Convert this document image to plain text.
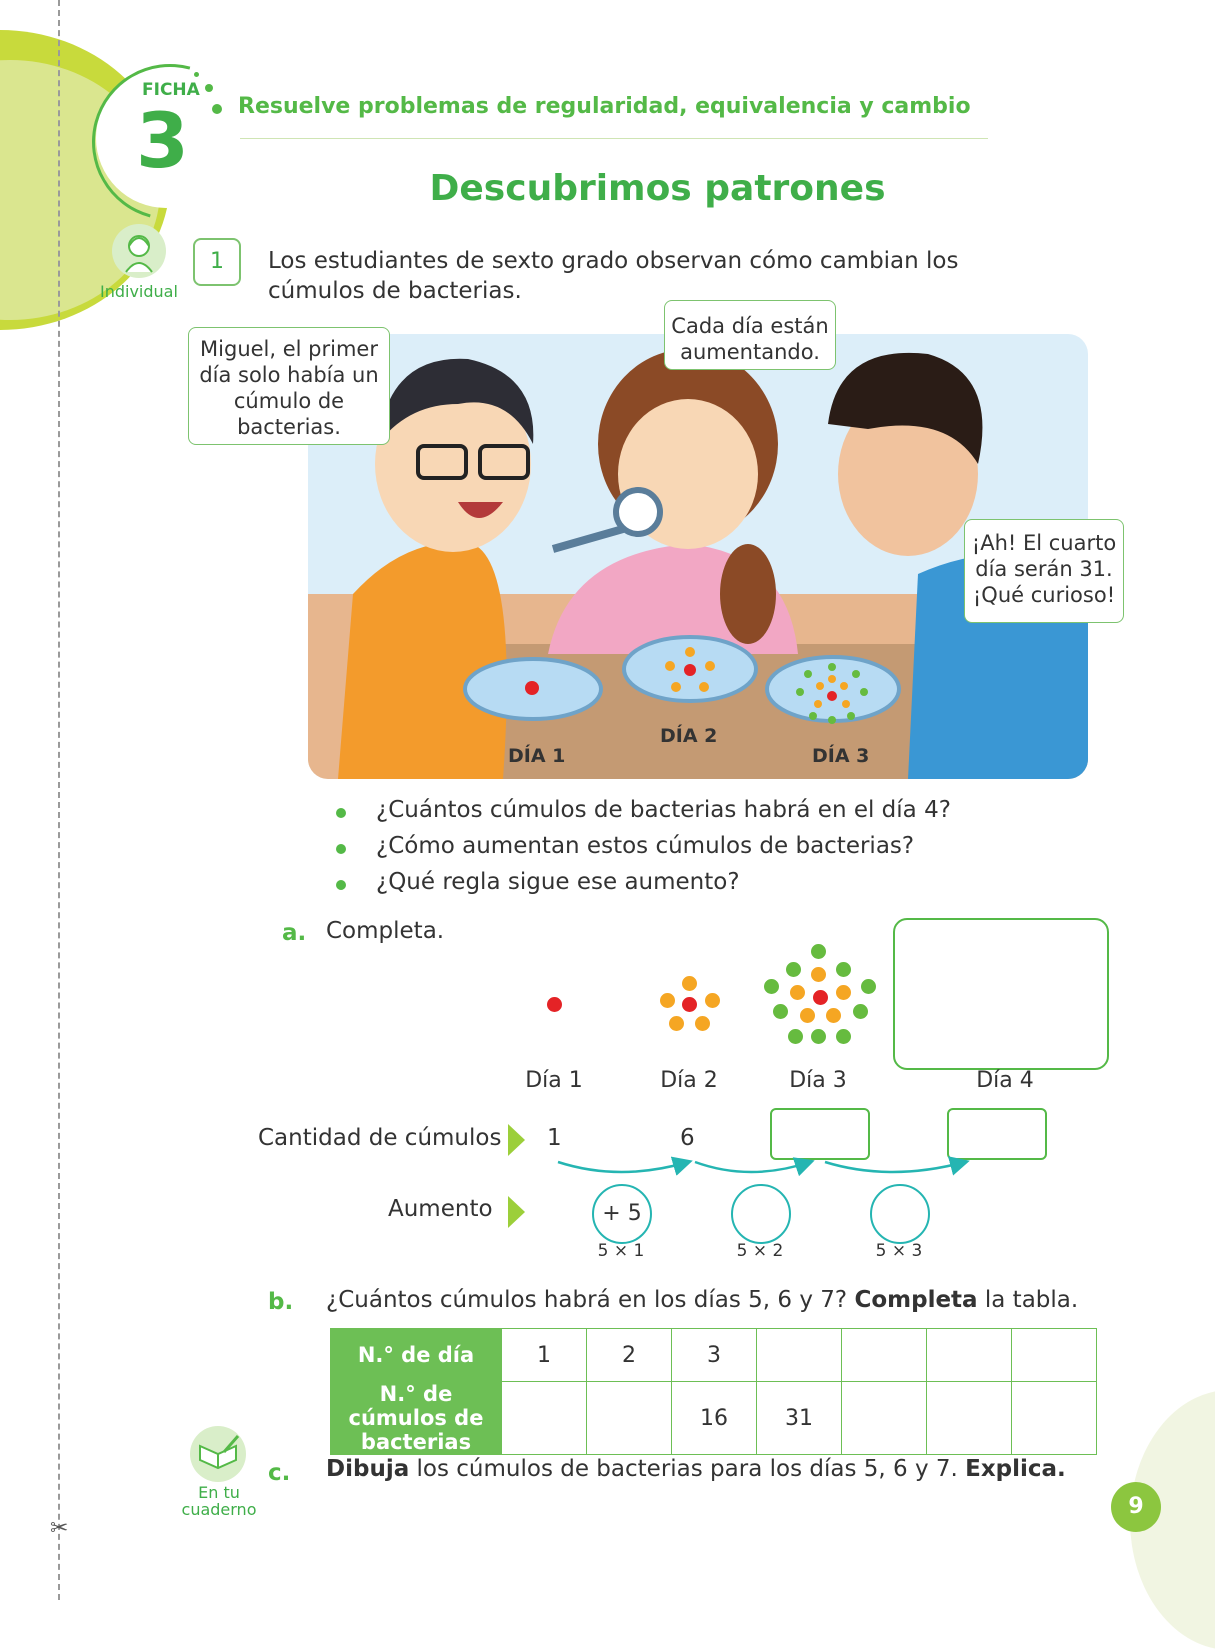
✂
FICHA
3 Resuelve problemas de regularidad, equivalencia y cambio
Descubrimos patrones
Individual
1	Los estudiantes de sexto grado observan cómo cambian los cúmulos de bacterias.
DÍA 1
DÍA 2
DÍA 3
Miguel, el primer día solo había un cúmulo de bacterias.
Cada día están aumentando.
¡Ah! El cuarto día serán 31. ¡Qué curioso!
¿Cuántos cúmulos de bacterias habrá en el día 4?
¿Cómo aumentan estos cúmulos de bacterias?
¿Qué regla sigue ese aumento?
a. Completa.
Día 1	Día 2	Día 3	Día 4
Cantidad de cúmulos 1	6
Aumento	+ 5
5 × 1	5 × 2	5 × 3
b. ¿Cuántos cúmulos habrá en los días 5, 6 y 7? Completa la tabla.
N.° de día	1	2	3				
N.° de cúmulos de bacterias			16	31			
En tu cuaderno
c. Dibuja los cúmulos de bacterias para los días 5, 6 y 7. Explica.
9
